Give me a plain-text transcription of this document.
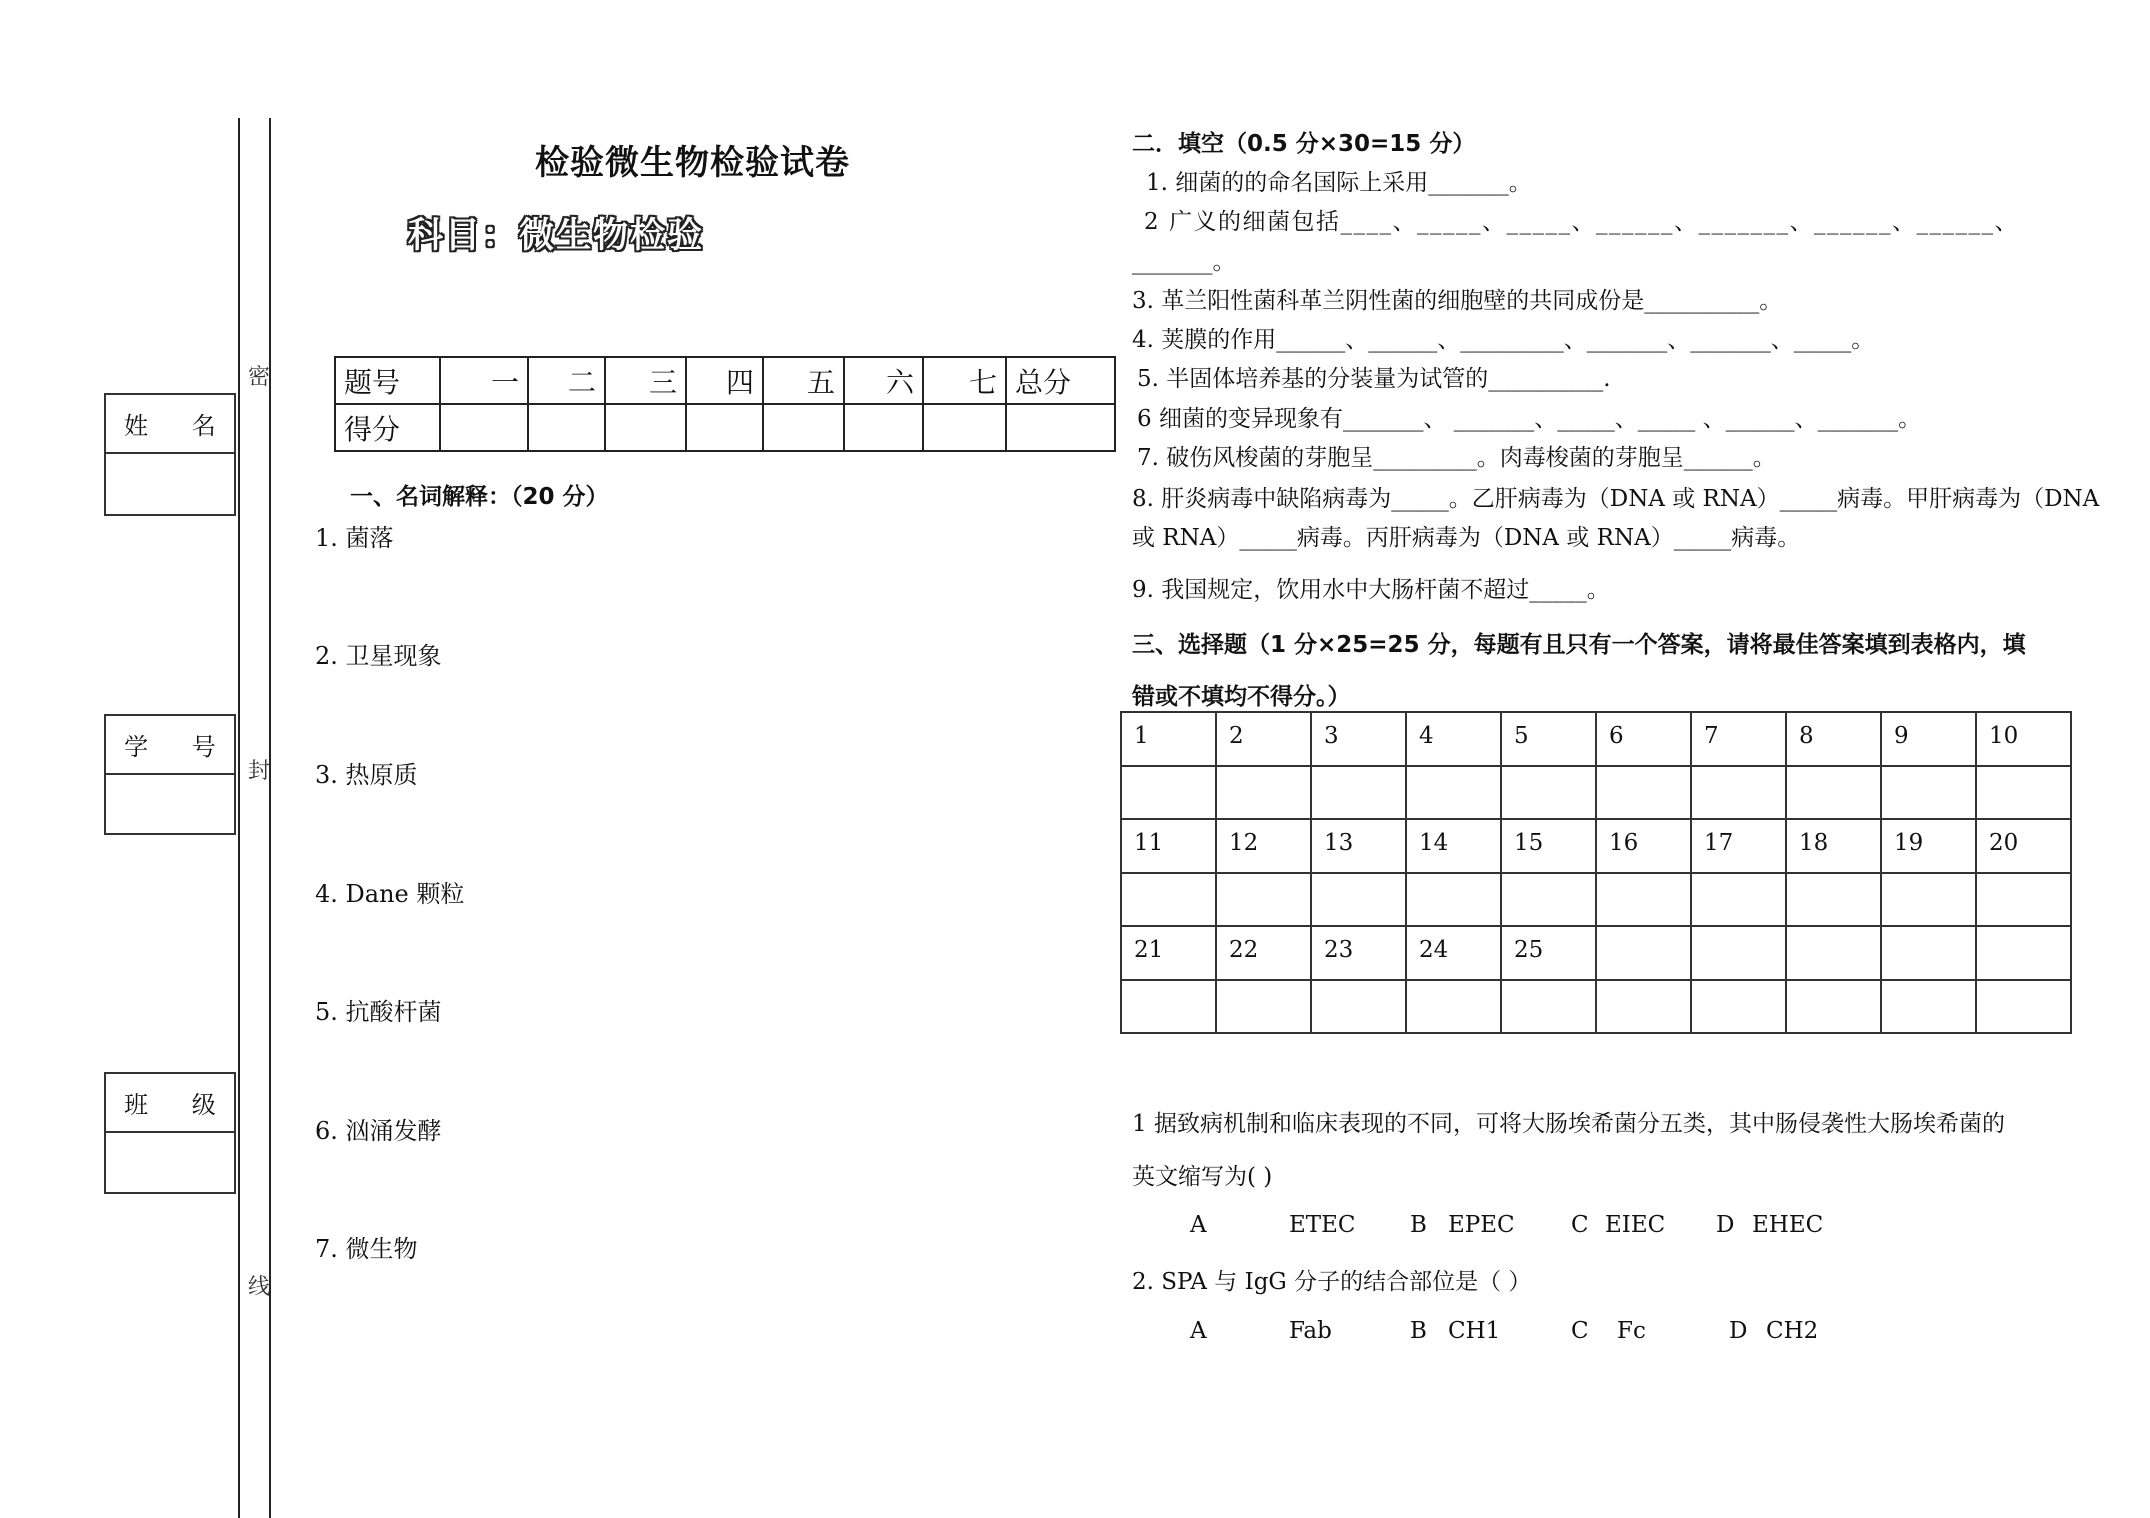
姓 名
学 号
班 级
密
封
线
检验微生物检验试卷
科目：微生物检验
题号	一	二	三	四	五	六	七	总分
得分								
一、名词解释：（20 分）
1. 菌落
2. 卫星现象
3. 热原质
4. Dane 颗粒
5. 抗酸杆菌
6. 汹涌发酵
7. 微生物
二．填空（0.5 分×30=15 分）
1. 细菌的的命名国际上采用_______。
2 广义的细菌包括____、_____、_____、______、_______、______、______、
_______。
3. 革兰阳性菌科革兰阴性菌的细胞壁的共同成份是__________。
4. 荚膜的作用______、______、_________、_______、_______、_____。
5. 半固体培养基的分装量为试管的__________.
6 细菌的变异现象有_______、 _______、_____、_____ 、______、_______。
7. 破伤风梭菌的芽胞呈_________。肉毒梭菌的芽胞呈______。
8. 肝炎病毒中缺陷病毒为_____。乙肝病毒为（DNA 或 RNA）_____病毒。甲肝病毒为（DNA
或 RNA）_____病毒。丙肝病毒为（DNA 或 RNA）_____病毒。
9. 我国规定，饮用水中大肠杆菌不超过_____。
三、选择题（1 分×25=25 分，每题有且只有一个答案，请将最佳答案填到表格内，填
错或不填均不得分。）
1	2	3	4	5	6	7	8	9	10

11	12	13	14	15	16	17	18	19	20

21	22	23	24	25					

1 据致病机制和临床表现的不同，可将大肠埃希菌分五类，其中肠侵袭性大肠埃希菌的
英文缩写为( )
A	ETEC B EPEC C EIEC D EHEC
2. SPA 与 IgG 分子的结合部位是（ ）
A	Fab	B CH1	C Fc	D CH2
